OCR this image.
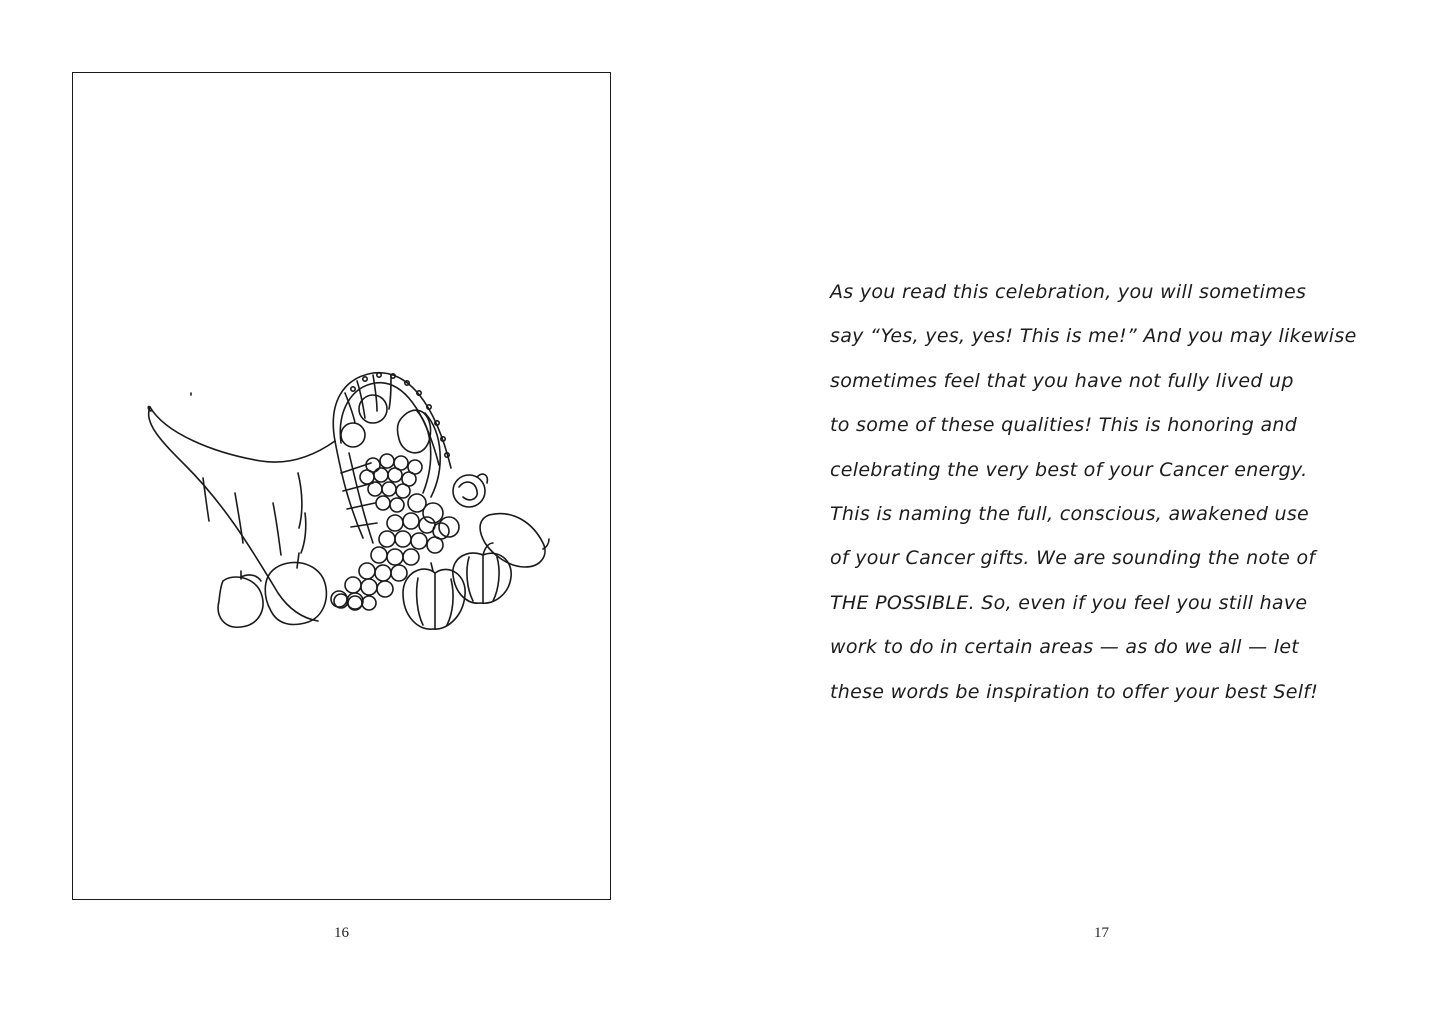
16
As you read this celebration, you will sometimes
say “Yes, yes, yes! This is me!” And you may likewise
sometimes feel that you have not fully lived up
to some of these qualities! This is honoring and
celebrating the very best of your Cancer energy.
This is naming the full, conscious, awakened use
of your Cancer gifts. We are sounding the note of
THE POSSIBLE. So, even if you feel you still have
work to do in certain areas — as do we all — let
these words be inspiration to offer your best Self!
17
